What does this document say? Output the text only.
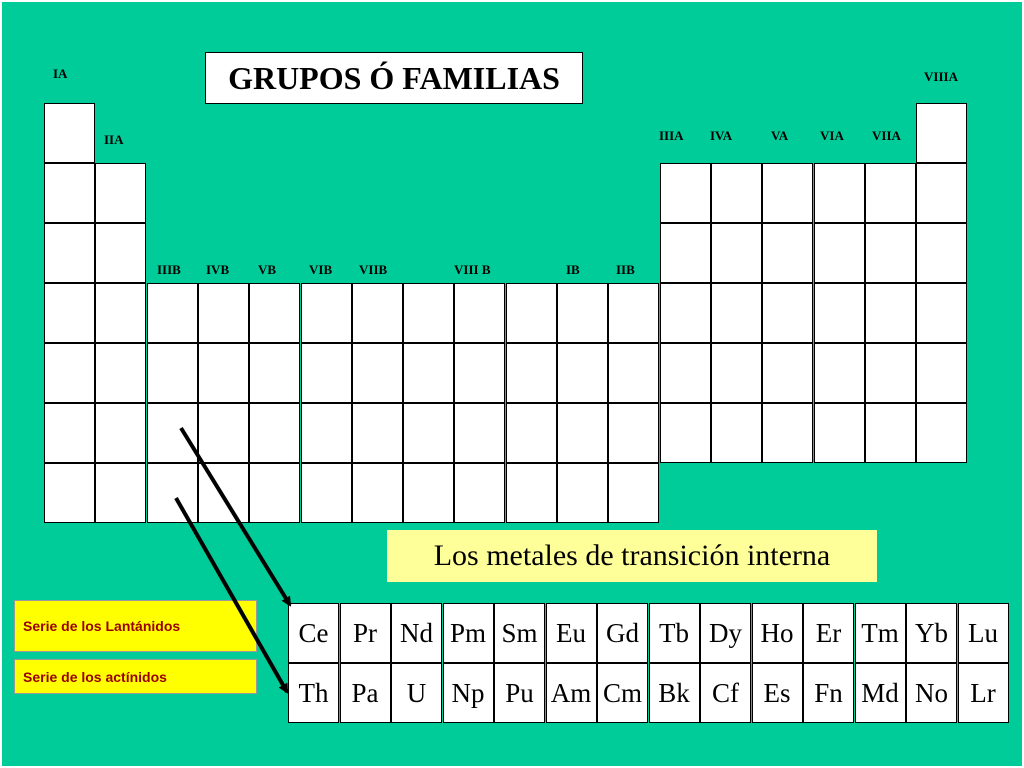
GRUPOS Ó FAMILIAS
IA
IIA
IIIB IVB VB	VIB VIIB	VIII B	IB	IIB
IIIA IVA	VA VIA VIIA
VIIIA
Los metales de transición interna
Serie de los Lantánidos
Serie de los actínidos
Ce Pr Nd Pm Sm Eu Gd Tb Dy Ho Er Tm Yb Lu
Th Pa	U Np Pu Am Cm Bk Cf Es Fn Md No Lr
